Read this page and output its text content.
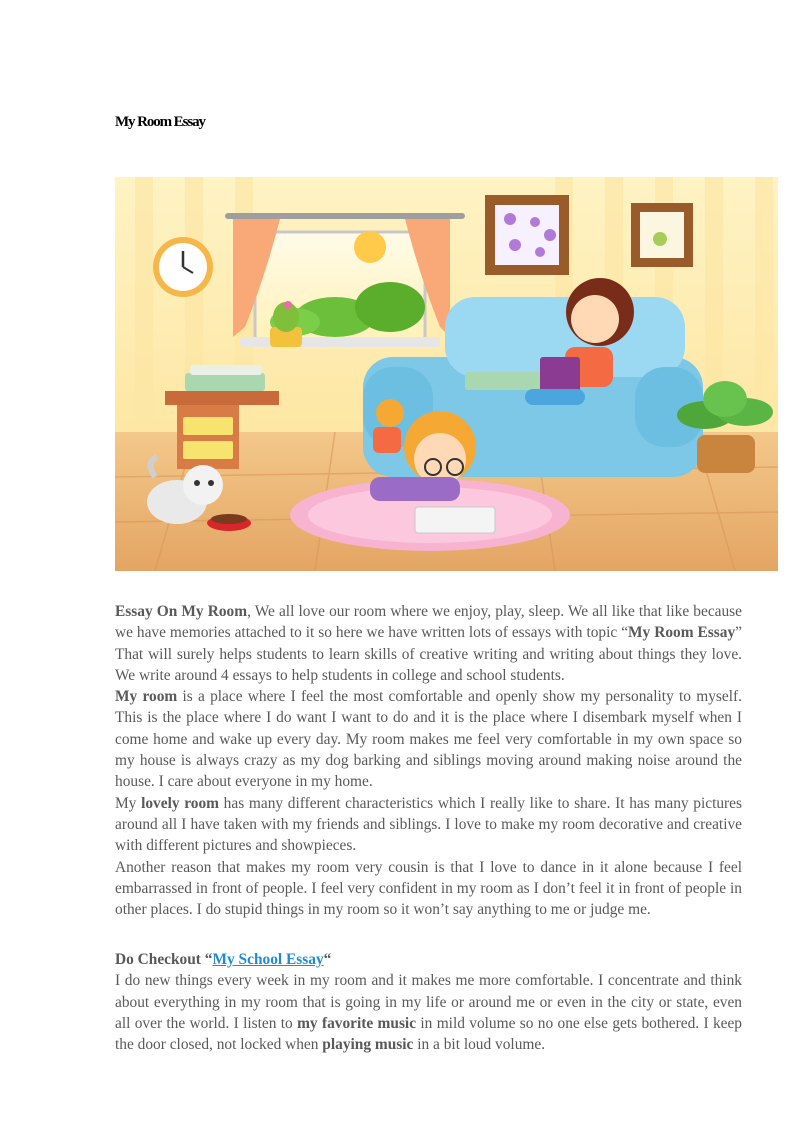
My Room Essay

Essay On My Room, We all love our room where we enjoy, play, sleep. We all like that like because we have memories attached to it so here we have written lots of essays with topic “My Room Essay” That will surely helps students to learn skills of creative writing and writing about things they love. We write around 4 essays to help students in college and school students.

My room is a place where I feel the most comfortable and openly show my personality to myself. This is the place where I do want I want to do and it is the place where I disembark myself when I come home and wake up every day. My room makes me feel very comfortable in my own space so my house is always crazy as my dog barking and siblings moving around making noise around the house. I care about everyone in my home.

My lovely room has many different characteristics which I really like to share. It has many pictures around all I have taken with my friends and siblings. I love to make my room decorative and creative with different pictures and showpieces.

Another reason that makes my room very cousin is that I love to dance in it alone because I feel embarrassed in front of people. I feel very confident in my room as I don’t feel it in front of people in other places. I do stupid things in my room so it won’t say anything to me or judge me.

Do Checkout “My School Essay“

I do new things every week in my room and it makes me more comfortable. I concentrate and think about everything in my room that is going in my life or around me or even in the city or state, even all over the world. I listen to my favorite music in mild volume so no one else gets bothered. I keep the door closed, not locked when playing music in a bit loud volume.
